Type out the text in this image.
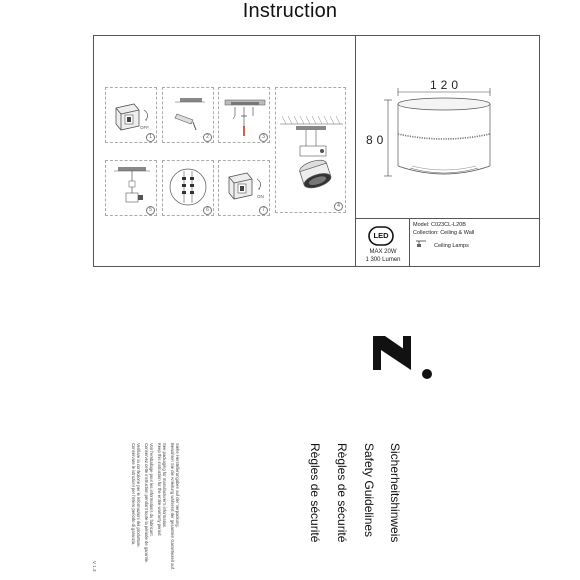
Instruction
OFF
1	2	3
4
5	6
ON
7
120
80
LED
MAX 20W
1 300 Lumen
Model: C023CL-L20B
Collection: Ceiling & Wall
Ceiling Lamps
Sicherheitshinweis
Safety Guidelines
Règles de sécurité
Règles de sécurité
Siehe Herstellerangaben auf der Verpackung.
Bewahren Sie die Anleitung während der gesamten Garantiezeit auf.
See packaging for manufacturer's information.
Keep this instruction for the entire warranty period.
Voir l'emballage pour les informations du fabricant.
Conservez cette instruction pendant toute la période de garantie.
Verifiare la confezione per le informazioni del produttore.
Conservare le istruzioni per l'intero periodo di garanzia.
V 1.3
